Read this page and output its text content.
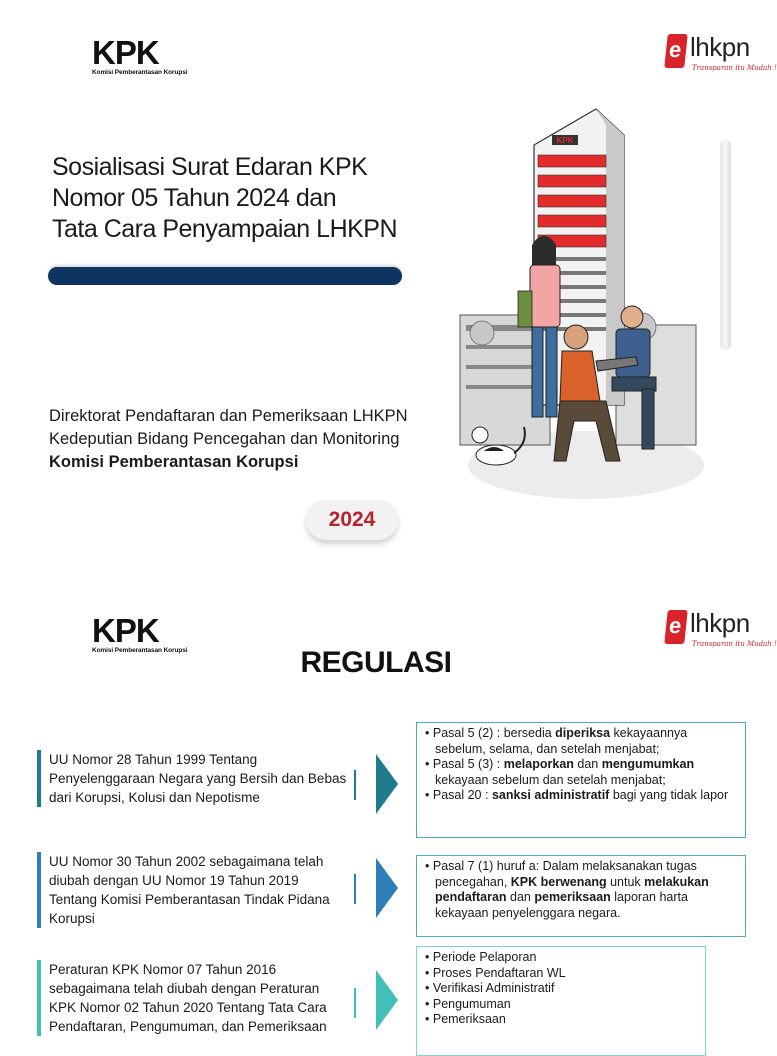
KPK
Komisi Pemberantasan Korupsi
e lhkpn
Transparan itu Mudah !
Sosialisasi Surat Edaran KPK
Nomor 05 Tahun 2024 dan
Tata Cara Penyampaian LHKPN
Direktorat Pendaftaran dan Pemeriksaan LHKPN
Kedeputian Bidang Pencegahan dan Monitoring
Komisi Pemberantasan Korupsi
2024
KPK
KPK
Komisi Pemberantasan Korupsi
e lhkpn
Transparan itu Mudah !
REGULASI
UU Nomor 28 Tahun 1999 Tentang Penyelenggaraan Negara yang Bersih dan Bebas dari Korupsi, Kolusi dan Nepotisme
• Pasal 5 (2) : bersedia diperiksa kekayaannya sebelum, selama, dan setelah menjabat;
• Pasal 5 (3) : melaporkan dan mengumumkan kekayaan sebelum dan setelah menjabat;
• Pasal 20 : sanksi administratif bagi yang tidak lapor
UU Nomor 30 Tahun 2002 sebagaimana telah diubah dengan UU Nomor 19 Tahun 2019 Tentang Komisi Pemberantasan Tindak Pidana Korupsi
• Pasal 7 (1) huruf a: Dalam melaksanakan tugas pencegahan, KPK berwenang untuk melakukan pendaftaran dan pemeriksaan laporan harta kekayaan penyelenggara negara.
Peraturan KPK Nomor 07 Tahun 2016 sebagaimana telah diubah dengan Peraturan KPK Nomor 02 Tahun 2020 Tentang Tata Cara Pendaftaran, Pengumuman, dan Pemeriksaan
• Periode Pelaporan
• Proses Pendaftaran WL
• Verifikasi Administratif
• Pengumuman
• Pemeriksaan
